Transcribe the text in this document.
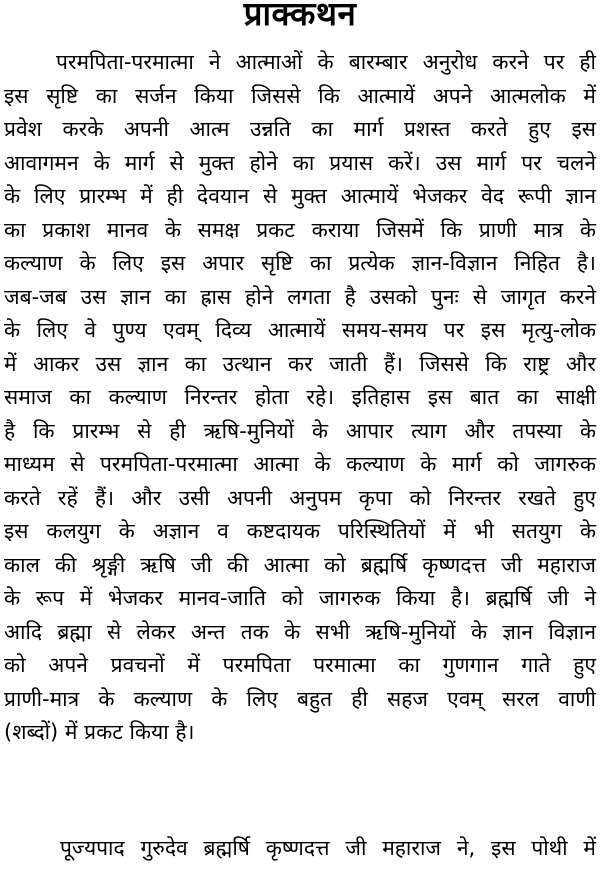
प्राक्कथन
परमपिता-परमात्मा ने आत्माओं के बारम्बार अनुरोध करने पर ही
इस सृष्टि का सर्जन किया जिससे कि आत्मायें अपने आत्मलोक में
प्रवेश करके अपनी आत्म उन्नति का मार्ग प्रशस्त करते हुए इस
आवागमन के मार्ग से मुक्त होने का प्रयास करें। उस मार्ग पर चलने
के लिए प्रारम्भ में ही देवयान से मुक्त आत्मायें भेजकर वेद रूपी ज्ञान
का प्रकाश मानव के समक्ष प्रकट कराया जिसमें कि प्राणी मात्र के
कल्याण के लिए इस अपार सृष्टि का प्रत्येक ज्ञान-विज्ञान निहित है।
जब-जब उस ज्ञान का ह्रास होने लगता है उसको पुनः से जागृत करने
के लिए वे पुण्य एवम् दिव्य आत्मायें समय-समय पर इस मृत्यु-लोक
में आकर उस ज्ञान का उत्थान कर जाती हैं। जिससे कि राष्ट्र और
समाज का कल्याण निरन्तर होता रहे। इतिहास इस बात का साक्षी
है कि प्रारम्भ से ही ऋषि-मुनियों के आपार त्याग और तपस्या के
माध्यम से परमपिता-परमात्मा आत्मा के कल्याण के मार्ग को जागरुक
करते रहें हैं। और उसी अपनी अनुपम कृपा को निरन्तर रखते हुए
इस कलयुग के अज्ञान व कष्टदायक परिस्थितियों में भी सतयुग के
काल की श्रृङ्गी ऋषि जी की आत्मा को ब्रह्मर्षि कृष्णदत्त जी महाराज
के रूप में भेजकर मानव-जाति को जागरुक किया है। ब्रह्मर्षि जी ने
आदि ब्रह्मा से लेकर अन्त तक के सभी ऋषि-मुनियों के ज्ञान विज्ञान
को अपने प्रवचनों में परमपिता परमात्मा का गुणगान गाते हुए
प्राणी-मात्र के कल्याण के लिए बहुत ही सहज एवम् सरल वाणी
(शब्दों) में प्रकट किया है।
पूज्यपाद गुरुदेव ब्रह्मर्षि कृष्णदत्त जी महाराज ने, इस पोथी में
